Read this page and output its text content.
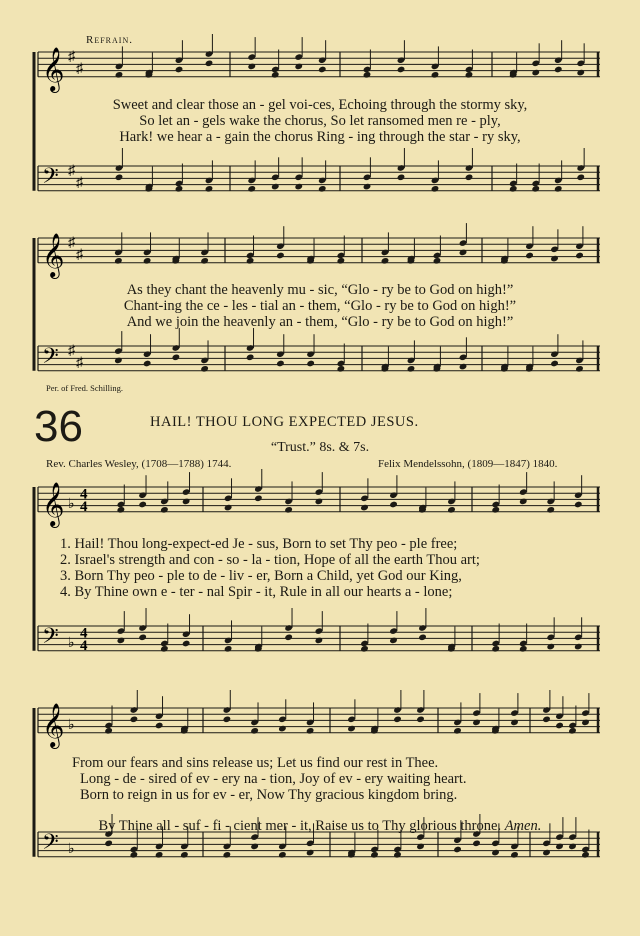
Refrain.
𝄞 ♯
♯
𝄢 ♯
♯
𝄞 ♯
♯
𝄢 ♯
♯
𝄞 ♭
4
4
𝄢 ♭
4
4
𝄞 ♭
𝄢 ♭
Sweet and clear those an - gel voi-ces, Echoing through the stormy sky,
So let an - gels wake the chorus, So let ransomed men re - ply,
Hark! we hear a - gain the chorus Ring - ing through the star - ry sky,
As they chant the heavenly mu - sic, “Glo - ry be to God on high!”
Chant-ing the ce - les - tial an - them, “Glo - ry be to God on high!”
And we join the heavenly an - them, “Glo - ry be to God on high!”
Per. of Fred. Schilling.
36	HAIL! THOU LONG EXPECTED JESUS.
“Trust.” 8s. & 7s.
Rev. Charles Wesley, (1708—1788) 1744.	Felix Mendelssohn, (1809—1847) 1840.
1. Hail! Thou long-expect-ed Je - sus, Born to set Thy peo - ple free;
2. Israel's strength and con - so - la - tion, Hope of all the earth Thou art;
3. Born Thy peo - ple to de - liv - er, Born a Child, yet God our King,
4. By Thine own e - ter - nal Spir - it, Rule in all our hearts a - lone;
From our fears and sins release us; Let us find our rest in Thee.
Long - de - sired of ev - ery na - tion, Joy of ev - ery waiting heart.
Born to reign in us for ev - er, Now Thy gracious kingdom bring.

By Thine all - suf - fi - cient mer - it, Raise us to Thy glorious throne. Amen.
